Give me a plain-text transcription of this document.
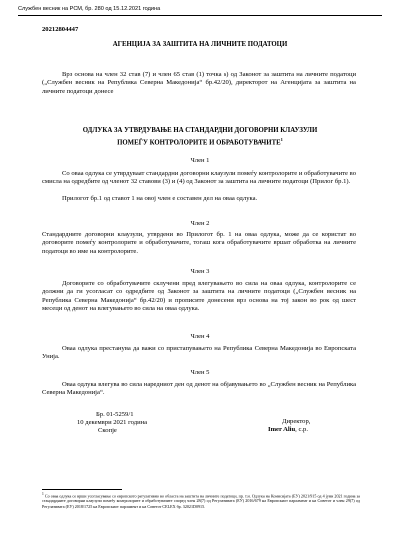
Службен весник на РСМ, бр. 280 од 15.12.2021 година
20212804447
АГЕНЦИЈА ЗА ЗАШТИТА НА ЛИЧНИТЕ ПОДАТОЦИ
Врз основа на член 32 став (7) и член 65 став (1) точка s) од Законот за заштита на личните податоци („Службен весник на Република Северна Македонија“ бр.42/20), директорот на Агенцијата за заштита на личните податоци донесе
ОДЛУКА ЗА УТВРДУВАЊЕ НА СТАНДАРДНИ ДОГОВОРНИ КЛАУЗУЛИ
ПОМЕЃУ КОНТРОЛОРИТЕ И ОБРАБОТУВАЧИТЕ$^1$
Член 1
Со оваа одлука се утврдуваат стандардни договорни клаузули помеѓу контролорите и обработувачите во смисла на одредбите од членот 32 ставови (3) и (4) од Законот за заштита на личните податоци (Прилог бр.1).
Прилогот бр.1 од ставот 1 на овој член е составен дел на оваа одлука.
Член 2
Стандардните договорни клаузули, утврдени во Прилогот бр. 1 на оваа одлука, може да се користат во договорите помеѓу контролорите и обработувачите, тогаш кога обработувачите вршат обработка на личните податоци во име на контролорите.
Член 3
Договорите со обработувачите склучени пред влегувањето во сила на оваа одлука, контролорите се должни да ги усогласат со одредбите од Законот за заштита на личните податоци („Службен весник на Република Северна Македонија“ бр.42/20) и прописите донесени врз основа на тој закон во рок од шест месеци од денот на влегувањето во сила на оваа одлука.
Член 4
Оваа одлука престанува да важи со пристапувањето на Република Северна Македонија во Европската Унија.
Член 5
Оваа одлука влегува во сила наредниот ден од денот на објавувањето во „Службен весник на Република Северна Македонија“.
Бр. 01-5259/1
10 декември 2021 година
Скопје
Директор,
Imer Aliu, с.р.
$^1$ Со оваа одлука се врши усогласување со европското регулативно во областа на заштита на личните податоци, пр. т.н. Одлука на Комисијата (ЕУ) 2021/915 од 4 јуни 2021 година за стандардните договорни клаузули помеѓу контролорите и обработувачите според член 28(7) од Регулативата (ЕУ) 2016/679 на Европскиот парламент и на Советот и член 29(7) од Регулативата (ЕУ) 2018/1725 на Европскиот парламент и на Советот CELEX бр. 32021D0915.
